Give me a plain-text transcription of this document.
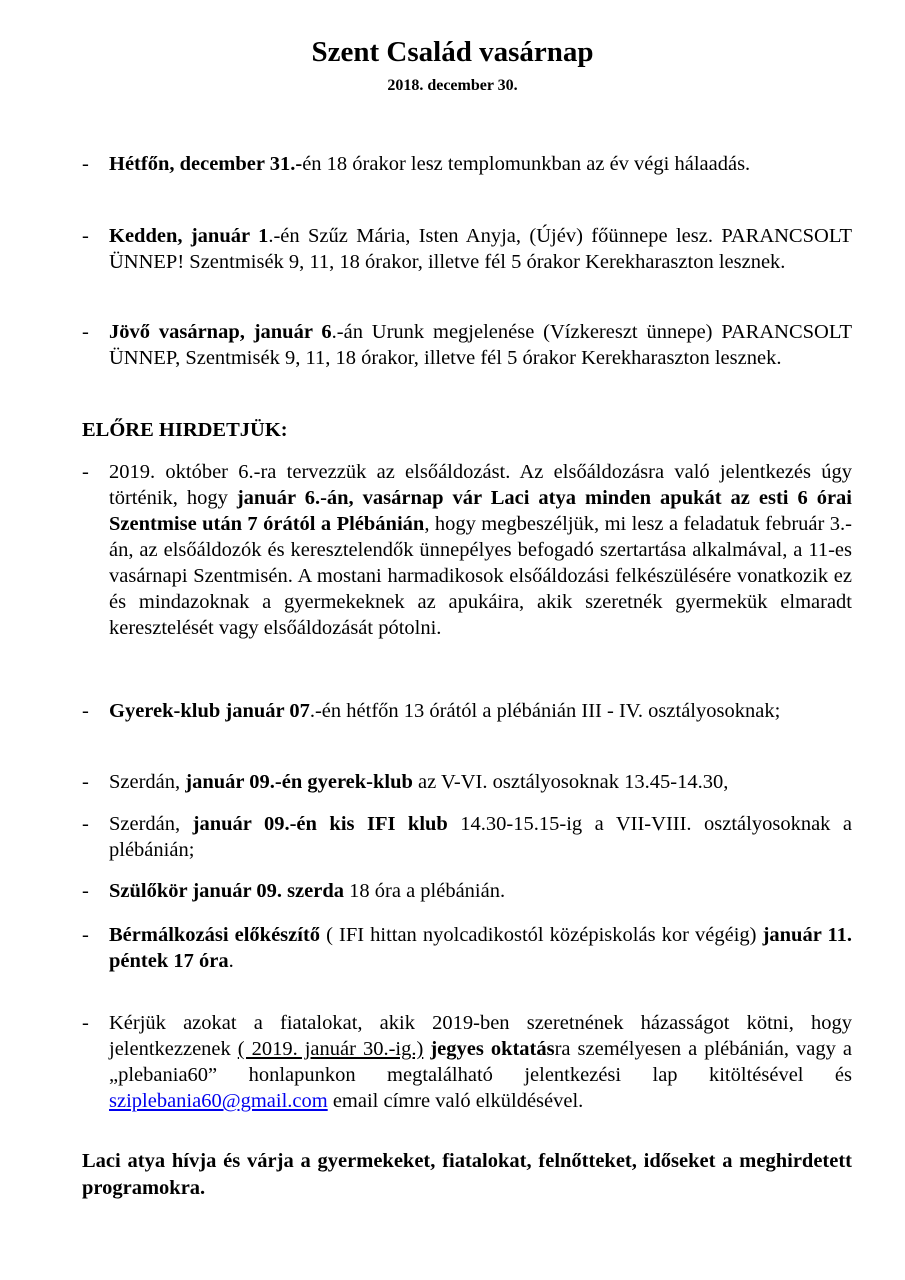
Szent Család vasárnap
2018. december 30.
- Hétfőn, december 31.-én 18 órakor lesz templomunkban az év végi hálaadás.
- Kedden, január 1.-én Szűz Mária, Isten Anyja, (Újév) főünnepe lesz. PARANCSOLT ÜNNEP! Szentmisék 9, 11, 18 órakor, illetve fél 5 órakor Kerekharaszton lesznek.
- Jövő vasárnap, január 6.-án Urunk megjelenése (Vízkereszt ünnepe) PARANCSOLT ÜNNEP, Szentmisék 9, 11, 18 órakor, illetve fél 5 órakor Kerekharaszton lesznek.
ELŐRE HIRDETJÜK:
- 2019. október 6.-ra tervezzük az elsőáldozást. Az elsőáldozásra való jelentkezés úgy történik, hogy január 6.-án, vasárnap vár Laci atya minden apukát az esti 6 órai Szentmise után 7 órától a Plébánián, hogy megbeszéljük, mi lesz a feladatuk február 3.-án, az elsőáldozók és keresztelendők ünnepélyes befogadó szertartása alkalmával, a 11-es vasárnapi Szentmisén. A mostani harmadikosok elsőáldozási felkészülésére vonatkozik ez és mindazoknak a gyermekeknek az apukáira, akik szeretnék gyermekük elmaradt keresztelését vagy elsőáldozását pótolni.
- Gyerek-klub január 07.-én hétfőn 13 órától a plébánián III - IV. osztályosoknak;
- Szerdán, január 09.-én gyerek-klub az V-VI. osztályosoknak 13.45-14.30,
- Szerdán, január 09.-én kis IFI klub 14.30-15.15-ig a VII-VIII. osztályosoknak a plébánián;
- Szülőkör január 09. szerda 18 óra a plébánián.
- Bérmálkozási előkészítő ( IFI hittan nyolcadikostól középiskolás kor végéig) január 11. péntek 17 óra.
- Kérjük azokat a fiatalokat, akik 2019-ben szeretnének házasságot kötni, hogy jelentkezzenek ( 2019. január 30.-ig.) jegyes oktatásra személyesen a plébánián, vagy a „plebania60” honlapunkon megtalálható jelentkezési lap kitöltésével és sziplebania60@gmail.com email címre való elküldésével.
Laci atya hívja és várja a gyermekeket, fiatalokat, felnőtteket, időseket a meghirdetett programokra.
